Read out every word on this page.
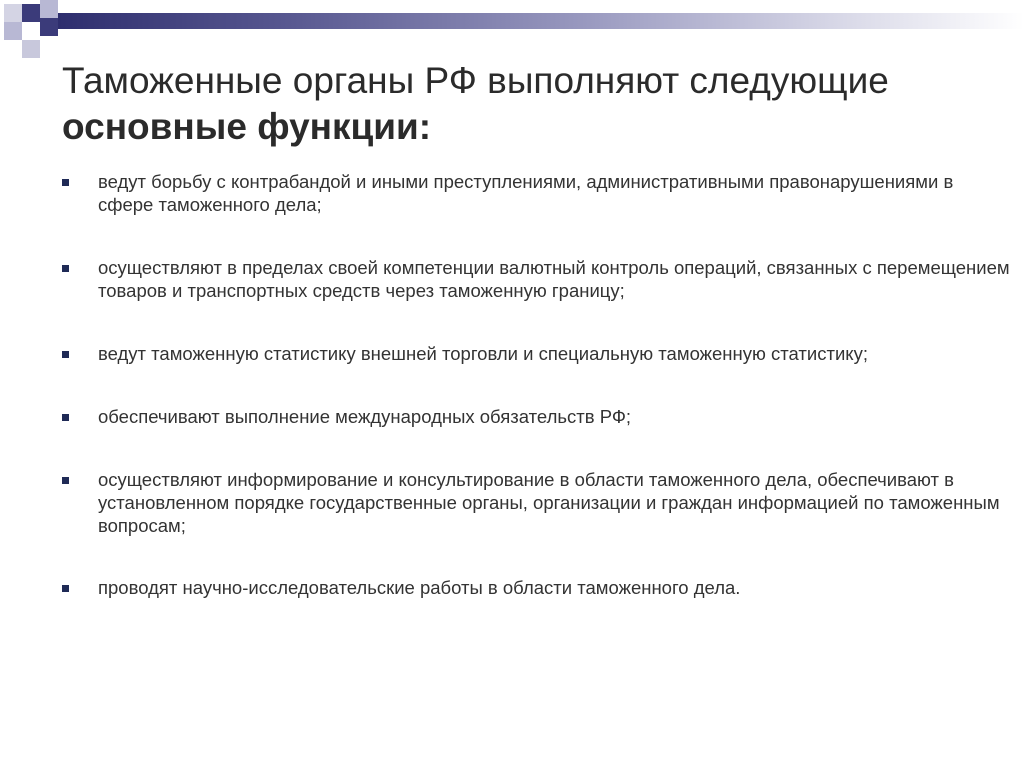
Таможенные органы РФ выполняют следующие
основные функции:
ведут борьбу с контрабандой и иными преступлениями, административными правонарушениями в сфере таможенного дела;
осуществляют в пределах своей компетенции валютный контроль операций, связанных с перемещением товаров и транспортных средств через таможенную границу;
ведут таможенную статистику внешней торговли и специальную таможенную статистику;
обеспечивают выполнение международных обязательств РФ;
осуществляют информирование и консультирование в области таможенного дела, обеспечивают в установленном порядке государственные органы, организации и граждан информацией по таможенным вопросам;
проводят научно-исследовательские работы в области таможенного дела.
